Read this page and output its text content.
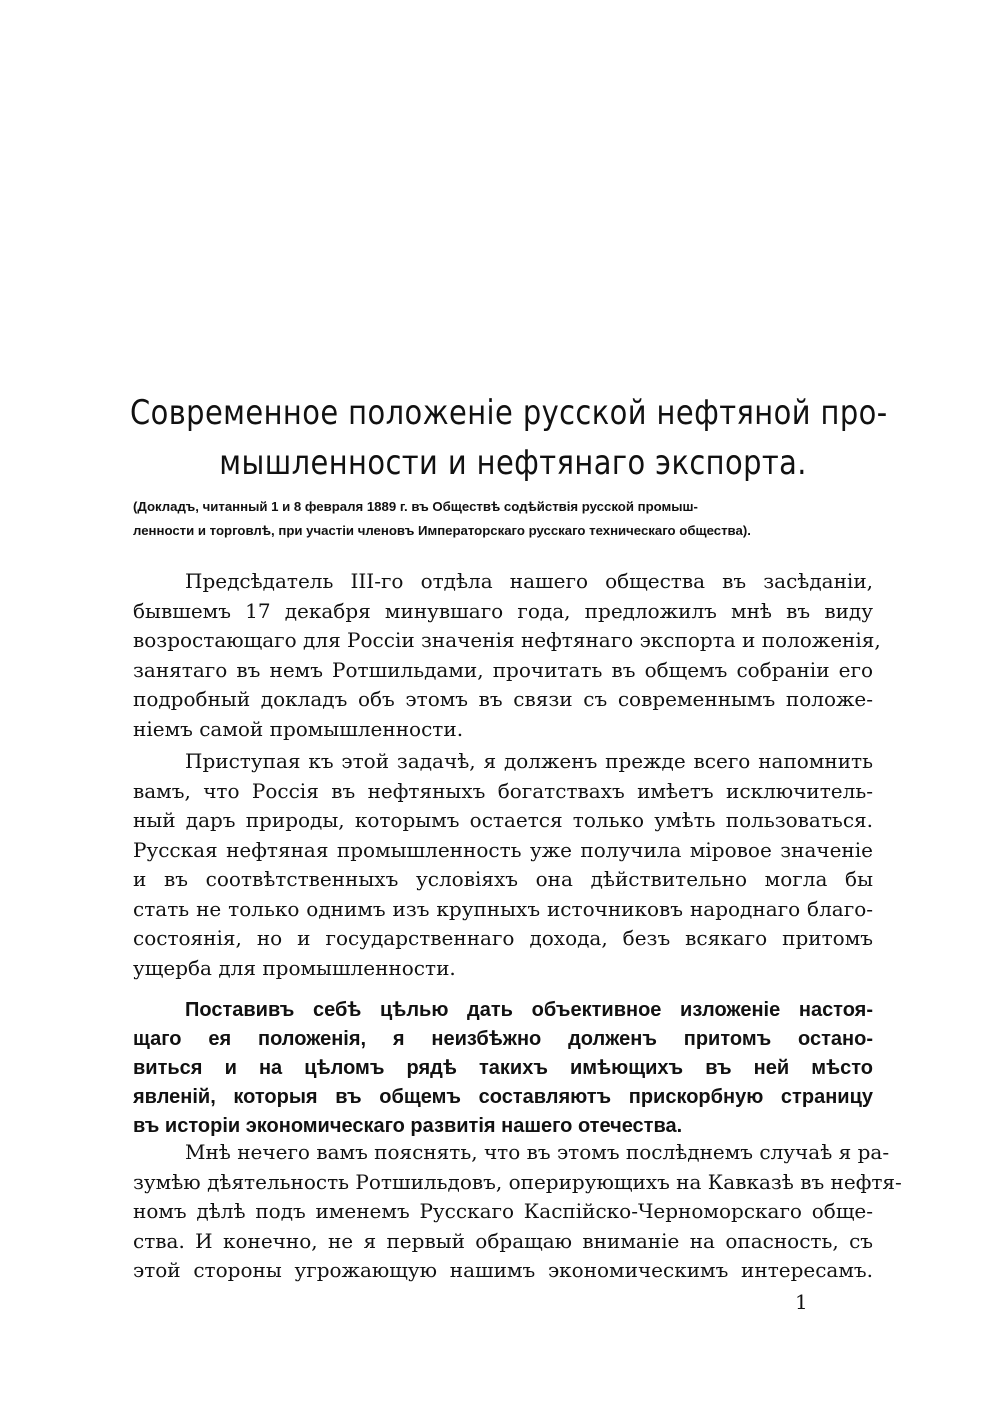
Современное положеніе русской нефтяной про-
мышленности и нефтянаго экспорта.
(Докладъ, читанный 1 и 8 февраля 1889 г. въ Обществѣ содѣйствія русской промыш-
ленности и торговлѣ, при участіи членовъ Императорскаго русскаго техническаго общества).
Предсѣдатель III-го отдѣла нашего общества въ засѣданіи,
бывшемъ 17 декабря минувшаго года, предложилъ мнѣ въ виду
возростающаго для Россіи значенія нефтянаго экспорта и положенія,
занятаго въ немъ Ротшильдами, прочитать въ общемъ собраніи его
подробный докладъ объ этомъ въ связи съ современнымъ положе-
ніемъ самой промышленности.
Приступая къ этой задачѣ, я долженъ прежде всего напомнить
вамъ, что Россія въ нефтяныхъ богатствахъ имѣетъ исключитель-
ный даръ природы, которымъ остается только умѣть пользоваться.
Русская нефтяная промышленность уже получила міровое значеніе
и въ соотвѣтственныхъ условіяхъ она дѣйствительно могла бы
стать не только однимъ изъ крупныхъ источниковъ народнаго благо-
состоянія, но и государственнаго дохода, безъ всякаго притомъ
ущерба для промышленности.
Поставивъ себѣ цѣлью дать объективное изложеніе настоя-
щаго ея положенія, я неизбѣжно долженъ притомъ остано-
виться и на цѣломъ рядѣ такихъ имѣющихъ въ ней мѣсто
явленій, которыя въ общемъ составляютъ прискорбную страницу
въ исторіи экономическаго развитія нашего отечества.
Мнѣ нечего вамъ пояснять, что въ этомъ послѣднемъ случаѣ я ра-
зумѣю дѣятельность Ротшильдовъ, оперирующихъ на Кавказѣ въ нефтя-
номъ дѣлѣ подъ именемъ Русскаго Каспійско-Черноморскаго обще-
ства. И конечно, не я первый обращаю вниманіе на опасность, съ
этой стороны угрожающую нашимъ экономическимъ интересамъ.
1
